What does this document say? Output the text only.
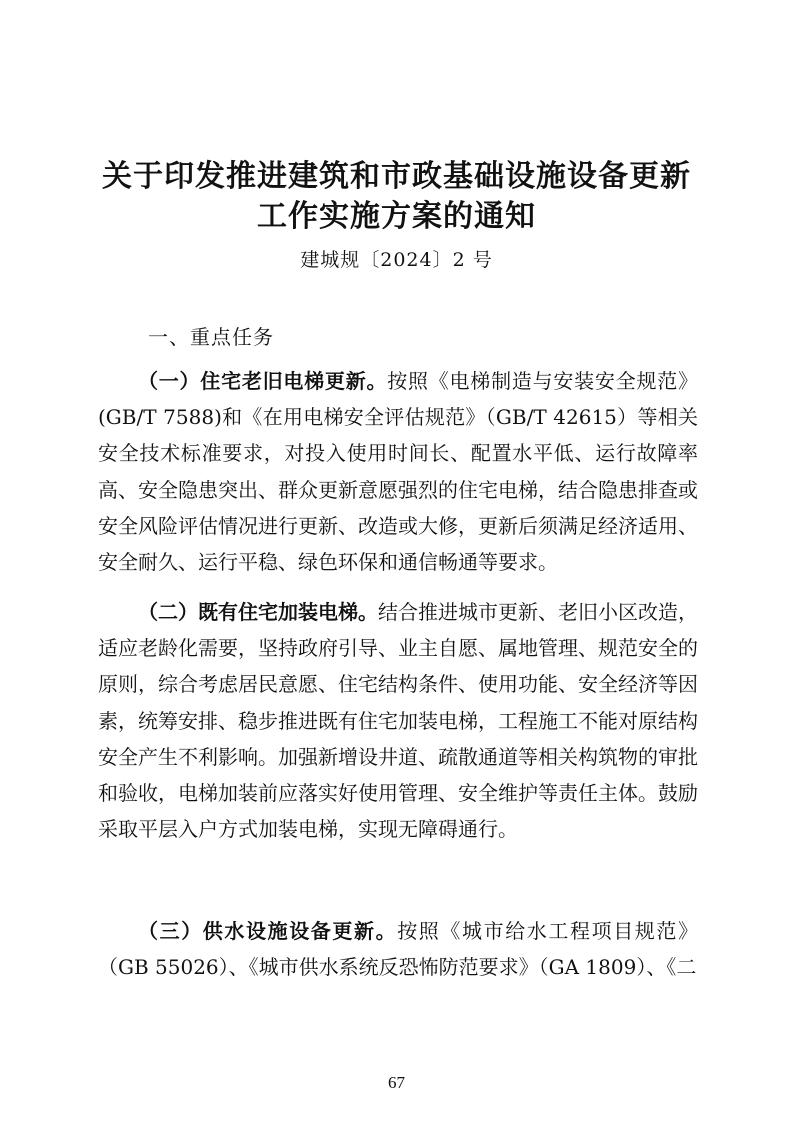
关于印发推进建筑和市政基础设施设备更新
工作实施方案的通知
建城规〔2024〕2 号
一、重点任务

（一）住宅老旧电梯更新。按照《电梯制造与安装安全规范》(GB/T 7588)和《在用电梯安全评估规范》（GB/T 42615）等相关安全技术标准要求，对投入使用时间长、配置水平低、运行故障率高、安全隐患突出、群众更新意愿强烈的住宅电梯，结合隐患排查或安全风险评估情况进行更新、改造或大修，更新后须满足经济适用、安全耐久、运行平稳、绿色环保和通信畅通等要求。

（二）既有住宅加装电梯。结合推进城市更新、老旧小区改造，适应老龄化需要，坚持政府引导、业主自愿、属地管理、规范安全的原则，综合考虑居民意愿、住宅结构条件、使用功能、安全经济等因素，统筹安排、稳步推进既有住宅加装电梯，工程施工不能对原结构安全产生不利影响。加强新增设井道、疏散通道等相关构筑物的审批和验收，电梯加装前应落实好使用管理、安全维护等责任主体。鼓励采取平层入户方式加装电梯，实现无障碍通行。

（三）供水设施设备更新。按照《城市给水工程项目规范》（GB 55026）、《城市供水系统反恐怖防范要求》（GA 1809）、《二

67
